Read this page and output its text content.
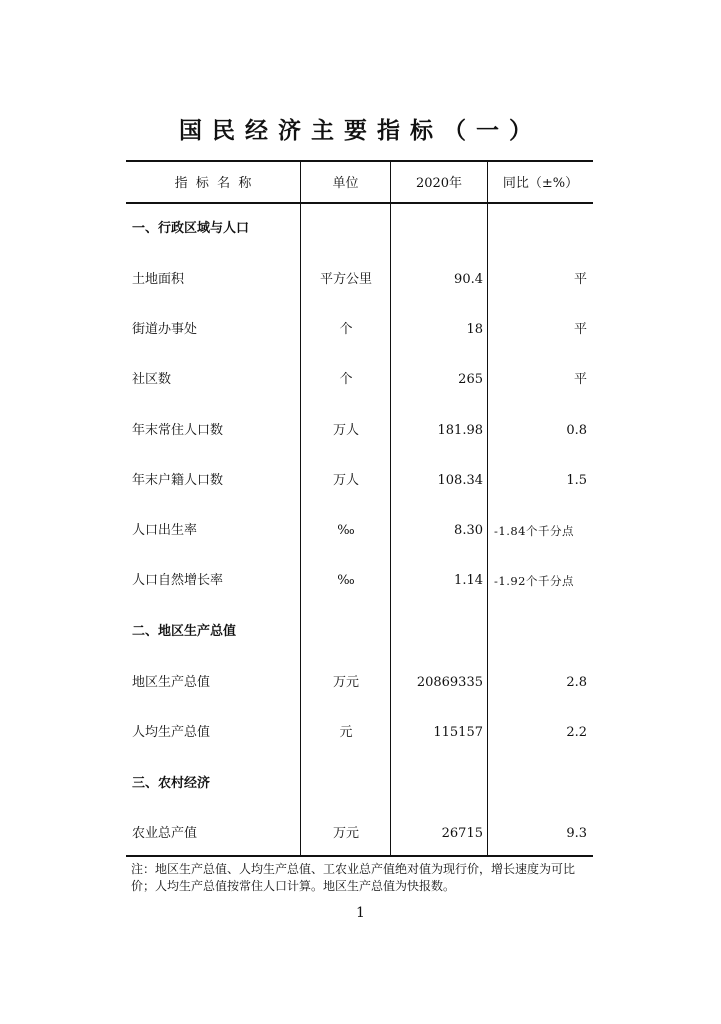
国民经济主要指标（一）
指  标  名  称	单位	2020年	同比（±%）
一、行政区域与人口
土地面积	平方公里	90.4	平
街道办事处	个	18	平
社区数	个	265	平
年末常住人口数	万人	181.98	0.8
年末户籍人口数	万人	108.34	1.5
人口出生率	‰	8.30 -1.84个千分点
人口自然增长率	‰	1.14 -1.92个千分点
二、地区生产总值
地区生产总值	万元	20869335	2.8
人均生产总值	元	115157	2.2
三、农村经济
农业总产值	万元	26715	9.3
注：地区生产总值、人均生产总值、工农业总产值绝对值为现行价，增长速度为可比价；人均生产总值按常住人口计算。地区生产总值为快报数。
1
